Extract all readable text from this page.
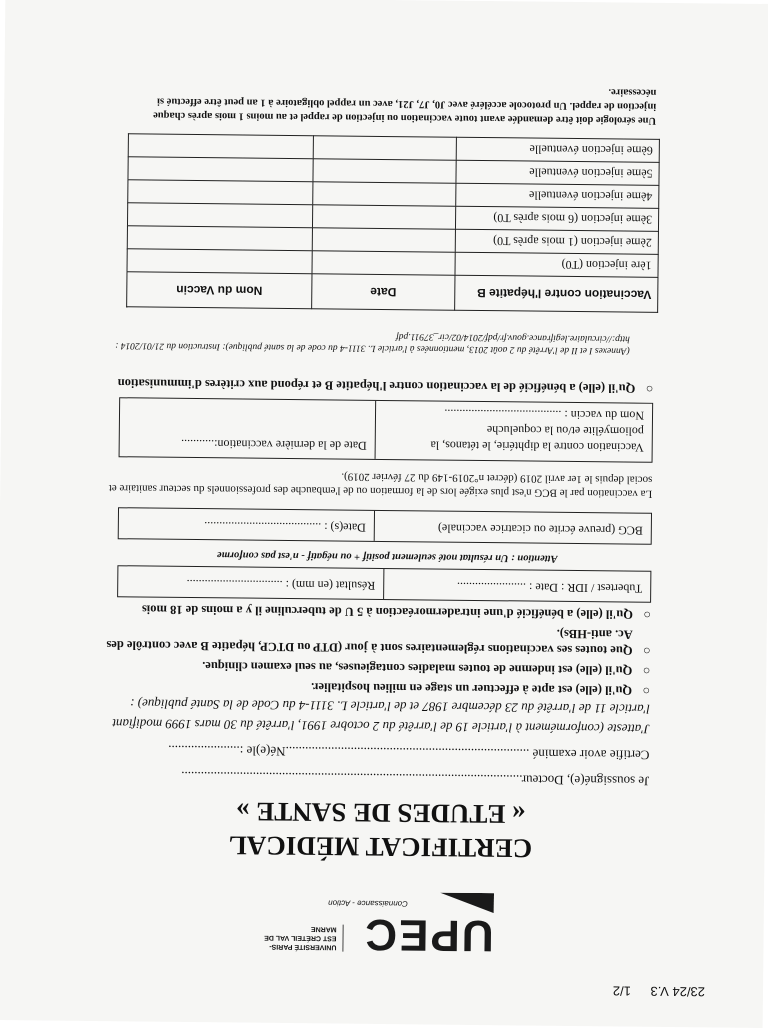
23/24 V.3 1/2
UPEC
Connaissance - Action
UNIVERSITÉ PARIS-EST CRÉTEIL VAL DE MARNE
CERTIFICAT MÉDICAL
« ETUDES DE SANTE »

Je soussigné(e), Docteur.........................................................................................................

Certifie avoir examiné ...........................................................................Né(e)le :......................

J'atteste (conformément à l'article 19 de l'arrêté du 2 octobre 1991, l'arrêté du 30 mars 1999 modifiant l'article 11 de l'arrêté du 23 décembre 1987 et de l'article L. 3111-4 du Code de la Santé publique) :

○ Qu'il (elle) est apte à effectuer un stage en milieu hospitalier.
○ Qu'il (elle) est indemne de toutes maladies contagieuses, au seul examen clinique.
○ Que toutes ses vaccinations réglementaires sont à jour (DTP ou DTCP, hépatite B avec contrôle des Ac. anti-HBs).
○ Qu'il (elle) a bénéficié d'une intradermoréaction à 5 U de tuberculine il y a moins de 18 mois
Tubertest / IDR : Date : .......................
Résultat (en mm) : ................................
Attention : Un résultat noté seulement positif + ou négatif - n'est pas conforme
BCG (preuve écrite ou cicatrice vaccinale)
Date(s) : .......................................
La vaccination par le BCG n'est plus exigée lors de la formation ou de l'embauche des professionnels du secteur sanitaire et social depuis le 1er avril 2019 (décret n°2019-149 du 27 février 2019).
Vaccination contre la diphtérie, le tétanos, la poliomyélite et/ou la coqueluche
Nom du vaccin : .......................................
Date de la dernière vaccination:...........
○ Qu'il (elle) a bénéficié de la vaccination contre l'hépatite B et répond aux critères d'immunisation
(Annexes I et II de l'Arrêté du 2 août 2013, mentionnées à l'article L. 3111-4 du code de la santé publique): Instruction du 21/01/2014 : http://circulaire.legifrance.gouv.fr/pdf/2014/02/cir_37911.pdf
Vaccination contre l'hépatite B	Date	Nom du Vaccin
1ère injection (T0)		
2ème injection (1 mois après T0)		
3ème injection (6 mois après T0)		
4ème injection éventuelle		
5ème injection éventuelle		
6ème injection éventuelle		
Une sérologie doit être demandée avant toute vaccination ou injection de rappel et au moins 1 mois après chaque injection de rappel. Un protocole accéléré avec J0, J7, J21, avec un rappel obligatoire à 1 an peut être effectué si nécessaire.
